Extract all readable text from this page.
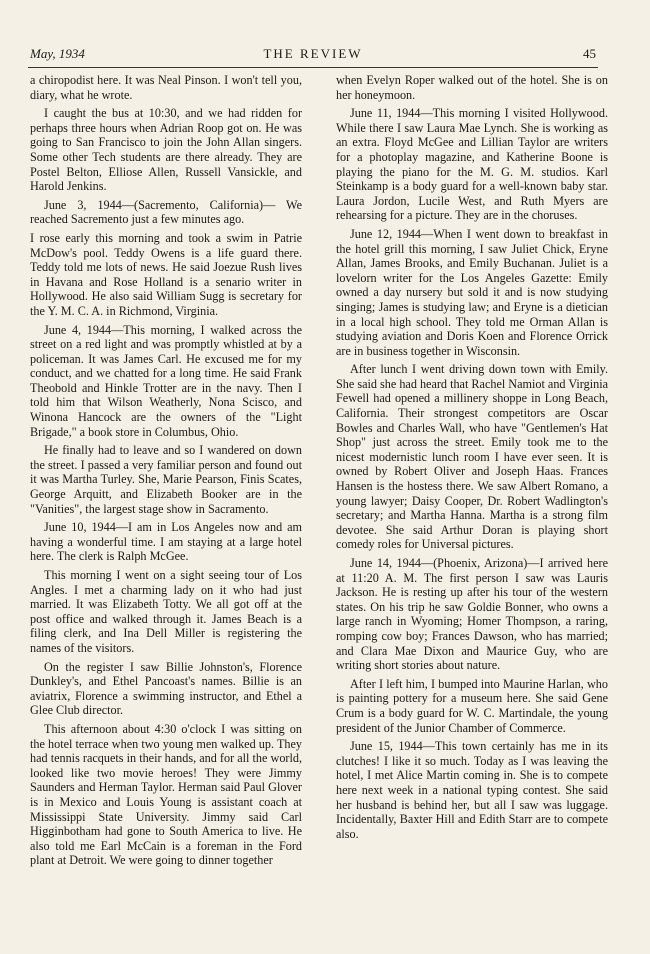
May, 1934	THE REVIEW	45

a chiropodist here. It was Neal Pinson. I won't tell you, diary, what he wrote.

I caught the bus at 10:30, and we had ridden for perhaps three hours when Adrian Roop got on. He was going to San Francisco to join the John Allan singers. Some other Tech students are there already. They are Postel Belton, Elliose Allen, Russell Vansickle, and Harold Jenkins.

June 3, 1944—(Sacremento, California)— We reached Sacremento just a few minutes ago.

I rose early this morning and took a swim in Patrie McDow's pool. Teddy Owens is a life guard there. Teddy told me lots of news. He said Joezue Rush lives in Havana and Rose Holland is a senario writer in Hollywood. He also said William Sugg is secretary for the Y. M. C. A. in Richmond, Virginia.

June 4, 1944—This morning, I walked across the street on a red light and was promptly whistled at by a policeman. It was James Carl. He excused me for my conduct, and we chatted for a long time. He said Frank Theobold and Hinkle Trotter are in the navy. Then I told him that Wilson Weatherly, Nona Scisco, and Winona Hancock are the owners of the "Light Brigade," a book store in Columbus, Ohio.

He finally had to leave and so I wandered on down the street. I passed a very familiar person and found out it was Martha Turley. She, Marie Pearson, Finis Scates, George Arquitt, and Elizabeth Booker are in the "Vanities", the largest stage show in Sacramento.

June 10, 1944—I am in Los Angeles now and am having a wonderful time. I am staying at a large hotel here. The clerk is Ralph McGee.

This morning I went on a sight seeing tour of Los Angles. I met a charming lady on it who had just married. It was Elizabeth Totty. We all got off at the post office and walked through it. James Beach is a filing clerk, and Ina Dell Miller is registering the names of the visitors.

On the register I saw Billie Johnston's, Florence Dunkley's, and Ethel Pancoast's names. Billie is an aviatrix, Florence a swimming instructor, and Ethel a Glee Club director.

This afternoon about 4:30 o'clock I was sitting on the hotel terrace when two young men walked up. They had tennis racquets in their hands, and for all the world, looked like two movie heroes! They were Jimmy Saunders and Herman Taylor. Herman said Paul Glover is in Mexico and Louis Young is assistant coach at Mississippi State University. Jimmy said Carl Higginbotham had gone to South America to live. He also told me Earl McCain is a foreman in the Ford plant at Detroit. We were going to dinner together

when Evelyn Roper walked out of the hotel. She is on her honeymoon.

June 11, 1944—This morning I visited Hollywood. While there I saw Laura Mae Lynch. She is working as an extra. Floyd McGee and Lillian Taylor are writers for a photoplay magazine, and Katherine Boone is playing the piano for the M. G. M. studios. Karl Steinkamp is a body guard for a well-known baby star. Laura Jordon, Lucile West, and Ruth Myers are rehearsing for a picture. They are in the choruses.

June 12, 1944—When I went down to breakfast in the hotel grill this morning, I saw Juliet Chick, Eryne Allan, James Brooks, and Emily Buchanan. Juliet is a lovelorn writer for the Los Angeles Gazette: Emily owned a day nursery but sold it and is now studying singing; James is studying law; and Eryne is a dietician in a local high school. They told me Orman Allan is studying aviation and Doris Koen and Florence Orrick are in business together in Wisconsin.

After lunch I went driving down town with Emily. She said she had heard that Rachel Namiot and Virginia Fewell had opened a millinery shoppe in Long Beach, California. Their strongest competitors are Oscar Bowles and Charles Wall, who have "Gentlemen's Hat Shop" just across the street. Emily took me to the nicest modernistic lunch room I have ever seen. It is owned by Robert Oliver and Joseph Haas. Frances Hansen is the hostess there. We saw Albert Romano, a young lawyer; Daisy Cooper, Dr. Robert Wadlington's secretary; and Martha Hanna. Martha is a strong film devotee. She said Arthur Doran is playing short comedy roles for Universal pictures.

June 14, 1944—(Phoenix, Arizona)—I arrived here at 11:20 A. M. The first person I saw was Lauris Jackson. He is resting up after his tour of the western states. On his trip he saw Goldie Bonner, who owns a large ranch in Wyoming; Homer Thompson, a raring, romping cow boy; Frances Dawson, who has married; and Clara Mae Dixon and Maurice Guy, who are writing short stories about nature.

After I left him, I bumped into Maurine Harlan, who is painting pottery for a museum here. She said Gene Crum is a body guard for W. C. Martindale, the young president of the Junior Chamber of Commerce.

June 15, 1944—This town certainly has me in its clutches! I like it so much. Today as I was leaving the hotel, I met Alice Martin coming in. She is to compete here next week in a national typing contest. She said her husband is behind her, but all I saw was luggage. Incidentally, Baxter Hill and Edith Starr are to compete also.
